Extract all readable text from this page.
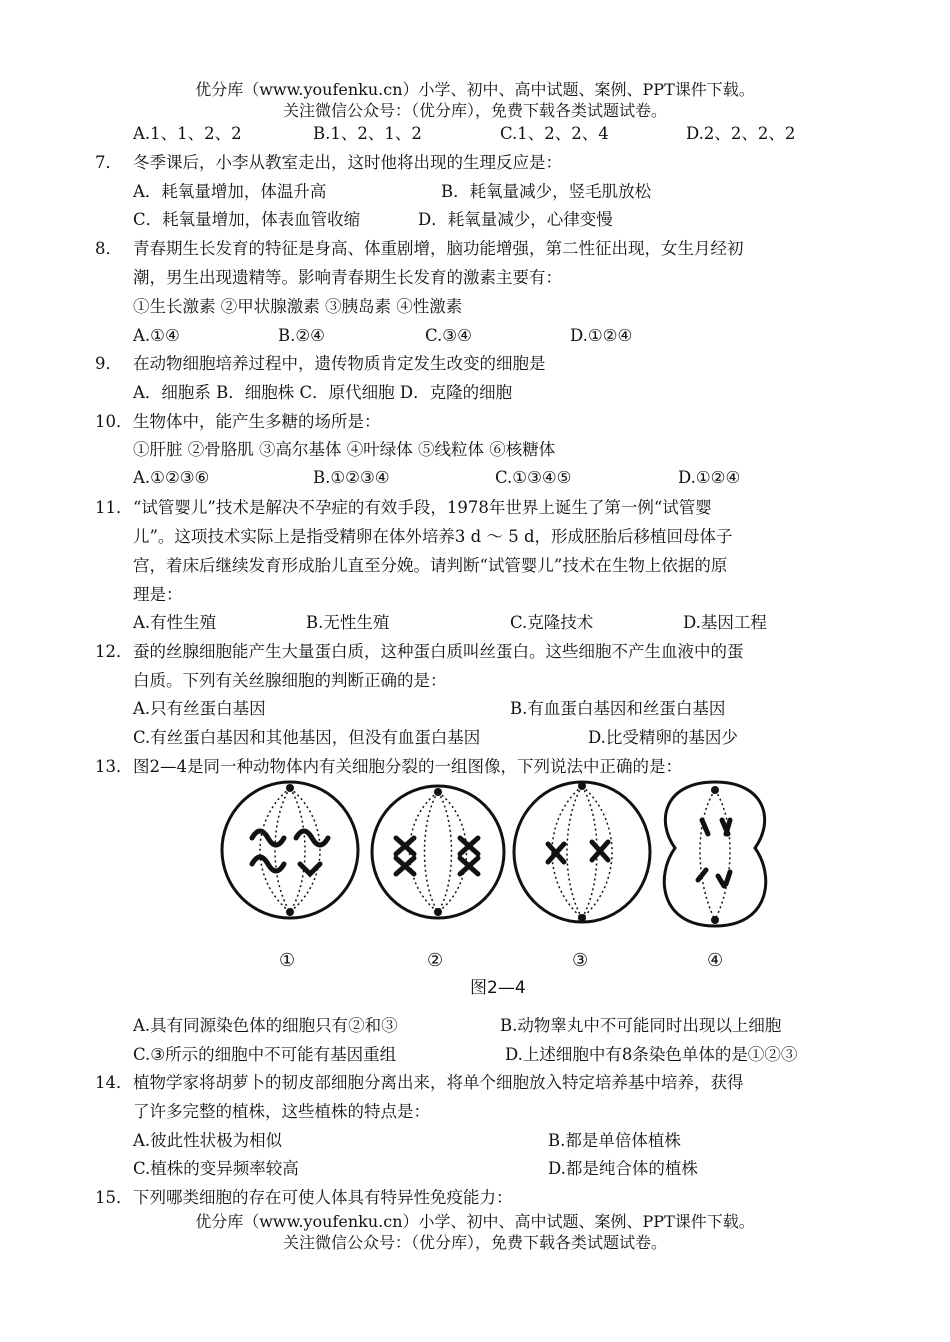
优分库（www.youfenku.cn）小学、初中、高中试题、案例、PPT课件下载。
关注微信公众号：（优分库），免费下载各类试题试卷。
A.1、1、2、2	B.1、2、1、2	C.1、2、2、4	D.2、2、2、2
7． 冬季课后，小李从教室走出，这时他将出现的生理反应是：
A．耗氧量增加，体温升高	B．耗氧量减少，竖毛肌放松
C．耗氧量增加，体表血管收缩	D．耗氧量减少，心律变慢
8． 青春期生长发育的特征是身高、体重剧增，脑功能增强，第二性征出现，女生月经初
潮，男生出现遗精等。影响青春期生长发育的激素主要有：
①生长激素 ②甲状腺激素 ③胰岛素 ④性激素
A.①④	B.②④	C.③④	D.①②④
9． 在动物细胞培养过程中，遗传物质肯定发生改变的细胞是
A．细胞系 B．细胞株 C．原代细胞 D．克隆的细胞
10． 生物体中，能产生多糖的场所是：
①肝脏 ②骨胳肌 ③高尔基体 ④叶绿体 ⑤线粒体 ⑥核糖体
A.①②③⑥	B.①②③④	C.①③④⑤	D.①②④
11． “试管婴儿”技术是解决不孕症的有效手段，1978年世界上诞生了第一例“试管婴
儿”。这项技术实际上是指受精卵在体外培养3 d ～ 5 d，形成胚胎后移植回母体子
宫，着床后继续发育形成胎儿直至分娩。请判断“试管婴儿”技术在生物上依据的原
理是：
A.有性生殖	B.无性生殖	C.克隆技术	D.基因工程
12． 蚕的丝腺细胞能产生大量蛋白质，这种蛋白质叫丝蛋白。这些细胞不产生血液中的蛋
白质。下列有关丝腺细胞的判断正确的是：
A.只有丝蛋白基因	B.有血蛋白基因和丝蛋白基因
C.有丝蛋白基因和其他基因，但没有血蛋白基因	D.比受精卵的基因少
13． 图2—4是同一种动物体内有关细胞分裂的一组图像，下列说法中正确的是：
①	②	③	④
图2—4
A.具有同源染色体的细胞只有②和③	B.动物睾丸中不可能同时出现以上细胞
C.③所示的细胞中不可能有基因重组	D.上述细胞中有8条染色单体的是①②③
14． 植物学家将胡萝卜的韧皮部细胞分离出来，将单个细胞放入特定培养基中培养，获得
了许多完整的植株，这些植株的特点是：
A.彼此性状极为相似	B.都是单倍体植株
C.植株的变异频率较高	D.都是纯合体的植株
15． 下列哪类细胞的存在可使人体具有特异性免疫能力：
优分库（www.youfenku.cn）小学、初中、高中试题、案例、PPT课件下载。
关注微信公众号：（优分库），免费下载各类试题试卷。
